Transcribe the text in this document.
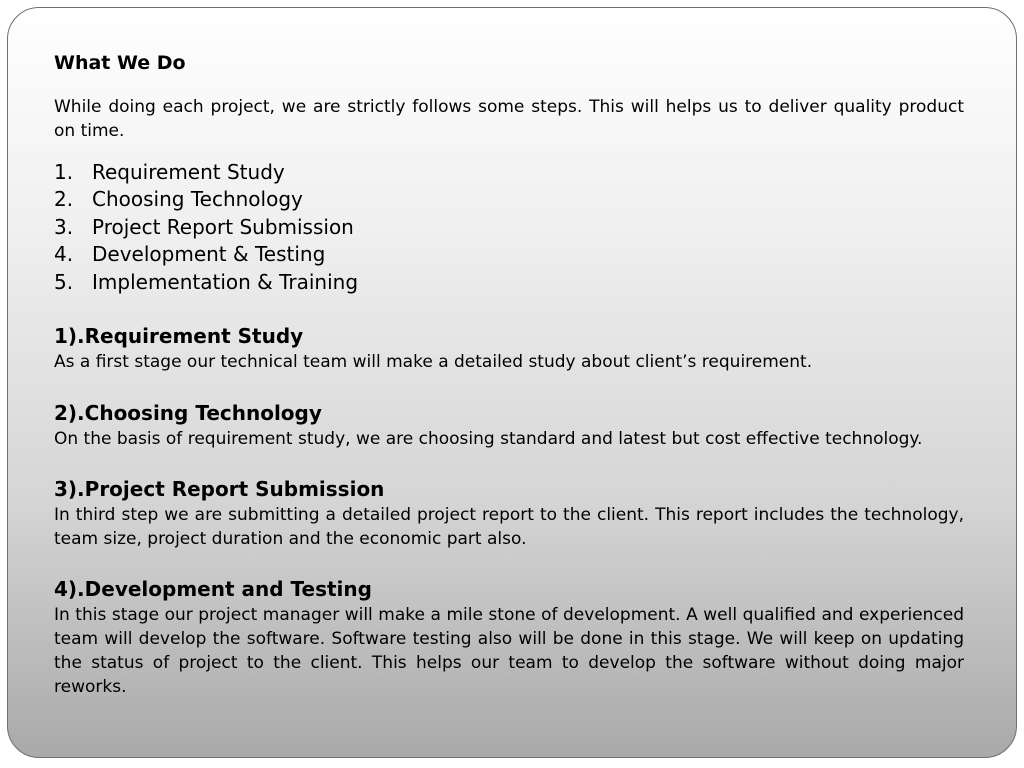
What We Do

While doing each project, we are strictly follows some steps. This will helps us to deliver quality product on time.

1. Requirement Study
2. Choosing Technology
3. Project Report Submission
4. Development & Testing
5. Implementation & Training
1).Requirement Study

As a first stage our technical team will make a detailed study about client’s requirement.

2).Choosing Technology

On the basis of requirement study, we are choosing standard and latest but cost effective technology.

3).Project Report Submission

In third step we are submitting a detailed project report to the client. This report includes the technology, team size, project duration and the economic part also.

4).Development and Testing

In this stage our project manager will make a mile stone of development. A well qualified and experienced team will develop the software. Software testing also will be done in this stage. We will keep on updating the status of project to the client. This helps our team to develop the software without doing major reworks.
